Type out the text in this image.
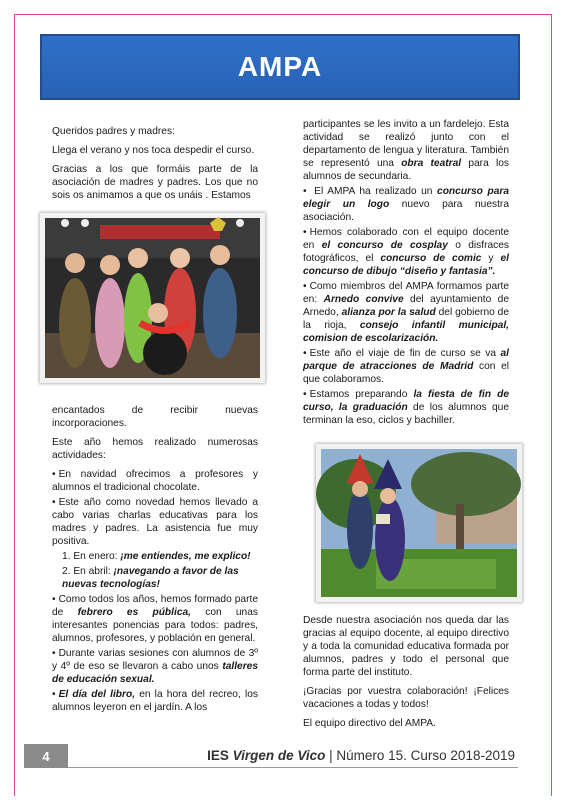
AMPA

Queridos padres y madres:

Llega el verano y nos toca despedir el curso.

Gracias a los que formáis parte de la asociación de madres y padres. Los que no sois os animamos a que os unáis . Estamos

encantados de recibir nuevas incorporaciones.

Este año hemos realizado numerosas actividades:

• En navidad ofrecimos a profesores y alumnos el tradicional chocolate.
• Este año como novedad hemos llevado a cabo varias charlas educativas para los madres y padres. La asistencia fue muy positiva.
1. En enero: ¡me entiendes, me explico!
2. En abril: ¡navegando a favor de las nuevas tecnologías!
• Como todos los años, hemos formado parte de febrero es pública, con unas interesantes ponencias para todos: padres, alumnos, profesores, y población en general.
• Durante varias sesiones con alumnos de 3º y 4º de eso se llevaron a cabo unos talleres de educación sexual.
• El día del libro, en la hora del recreo, los alumnos leyeron en el jardín. A los

participantes se les invito a un fardelejo. Esta actividad se realizó junto con el departamento de lengua y literatura. También se representó una obra teatral para los alumnos de secundaria.

• El AMPA ha realizado un concurso para elegir un logo nuevo para nuestra asociación.
• Hemos colaborado con el equipo docente en el concurso de cosplay o disfraces fotográficos, el concurso de comic y el concurso de dibujo “diseño y fantasia”.
• Como miembros del AMPA formamos parte en: Arnedo convive del ayuntamiento de Arnedo, alianza por la salud del gobierno de la rioja, consejo infantil municipal, comision de escolarización.
• Este año el viaje de fin de curso se va al parque de atracciones de Madrid con el que colaboramos.
• Estamos preparando la fiesta de fin de curso, la graduación de los alumnos que terminan la eso, ciclos y bachiller.

Desde nuestra asociación nos queda dar las gracias al equipo docente, al equipo directivo y a toda la comunidad educativa formada por alumnos, padres y todo el personal que forma parte del instituto.

¡Gracias por vuestra colaboración! ¡Felices vacaciones a todas y todos!

El equipo directivo del AMPA.

4	IES Virgen de Vico | Número 15. Curso 2018-2019
